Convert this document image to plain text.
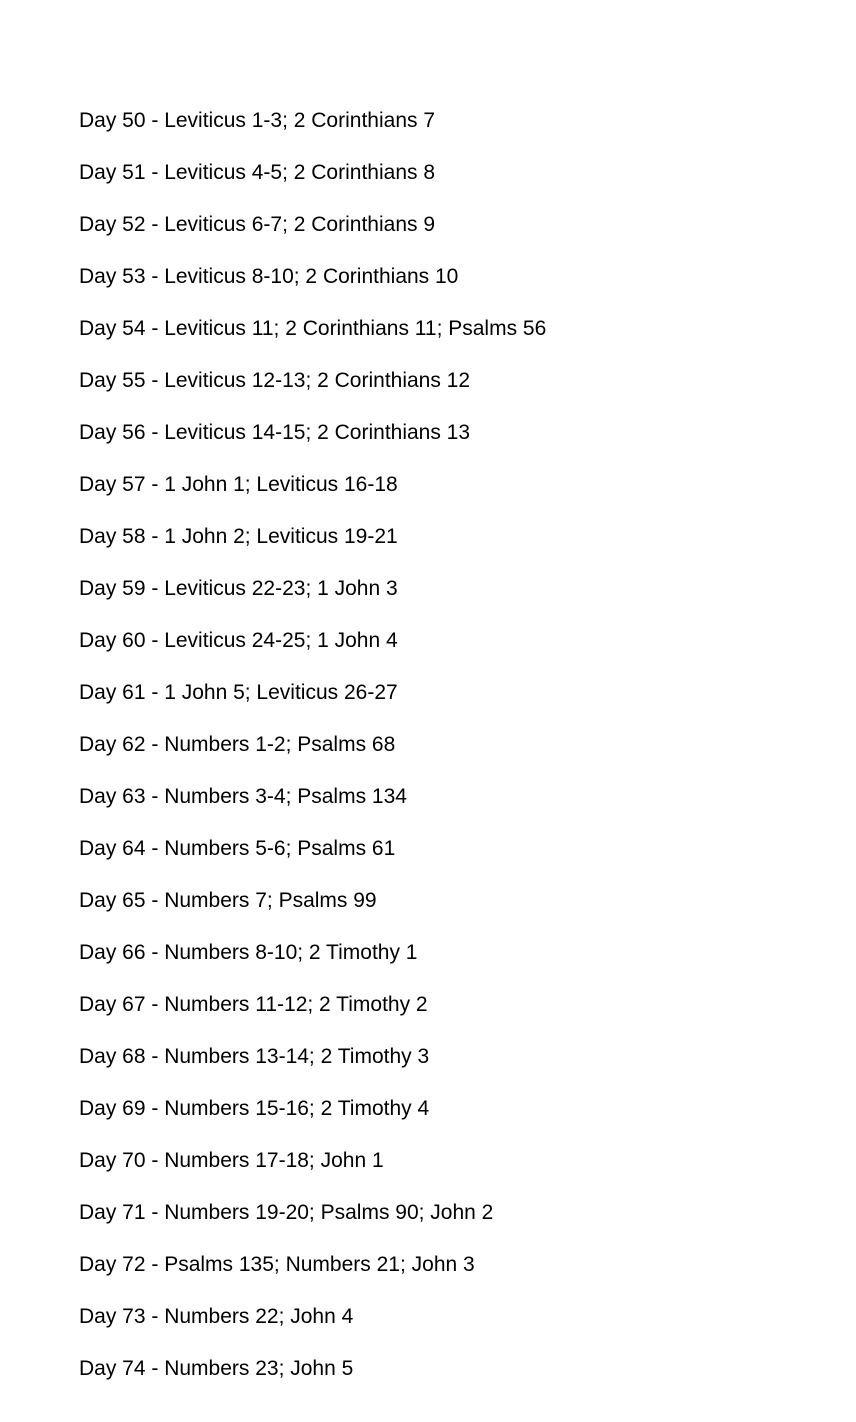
Day 50 - Leviticus 1-3; 2 Corinthians 7
Day 51 - Leviticus 4-5; 2 Corinthians 8
Day 52 - Leviticus 6-7; 2 Corinthians 9
Day 53 - Leviticus 8-10; 2 Corinthians 10
Day 54 - Leviticus 11; 2 Corinthians 11; Psalms 56
Day 55 - Leviticus 12-13; 2 Corinthians 12
Day 56 - Leviticus 14-15; 2 Corinthians 13
Day 57 - 1 John 1; Leviticus 16-18
Day 58 - 1 John 2; Leviticus 19-21
Day 59 - Leviticus 22-23; 1 John 3
Day 60 - Leviticus 24-25; 1 John 4
Day 61 - 1 John 5; Leviticus 26-27
Day 62 - Numbers 1-2; Psalms 68
Day 63 - Numbers 3-4; Psalms 134
Day 64 - Numbers 5-6; Psalms 61
Day 65 - Numbers 7; Psalms 99
Day 66 - Numbers 8-10; 2 Timothy 1
Day 67 - Numbers 11-12; 2 Timothy 2
Day 68 - Numbers 13-14; 2 Timothy 3
Day 69 - Numbers 15-16; 2 Timothy 4
Day 70 - Numbers 17-18; John 1
Day 71 - Numbers 19-20; Psalms 90; John 2
Day 72 - Psalms 135; Numbers 21; John 3
Day 73 - Numbers 22; John 4
Day 74 - Numbers 23; John 5
